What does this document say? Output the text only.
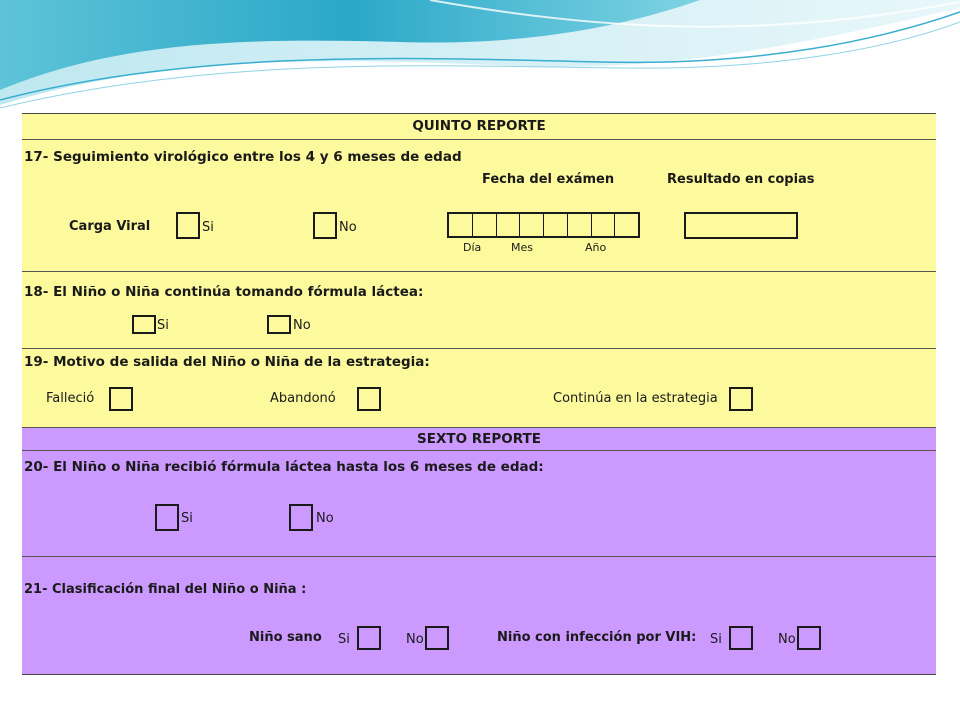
QUINTO REPORTE
17- Seguimiento virológico entre los 4 y 6 meses de edad
Fecha del exámen	Resultado en copias
Carga Viral	Si	No
Día	Mes	Año
18- El Niño o Niña continúa tomando fórmula láctea:
Si	No
19- Motivo de salida del Niño o Niña de la estrategia:
Falleció	Abandonó	Continúa en la estrategia
SEXTO REPORTE
20- El Niño o Niña recibió fórmula láctea hasta los 6 meses de edad:
Si	No
21- Clasificación final del Niño o Niña :
Niño sano Si	No	Niño con infección por VIH: Si	No
